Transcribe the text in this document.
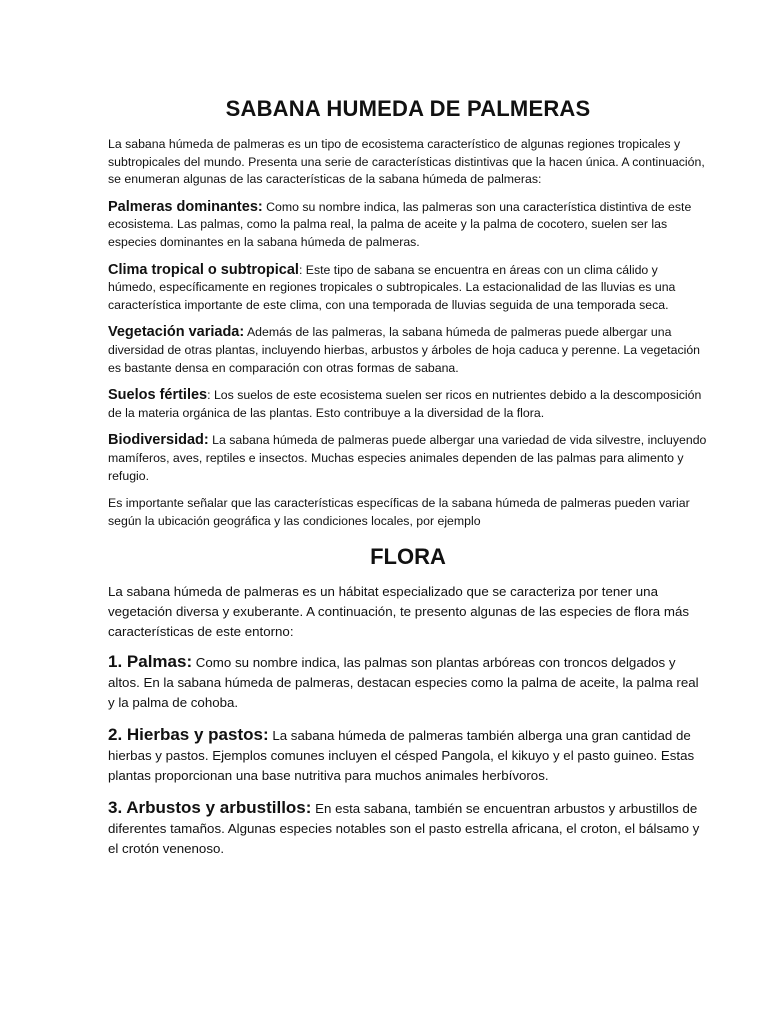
SABANA HUMEDA DE PALMERAS

La sabana húmeda de palmeras es un tipo de ecosistema característico de algunas regiones tropicales y subtropicales del mundo. Presenta una serie de características distintivas que la hacen única. A continuación, se enumeran algunas de las características de la sabana húmeda de palmeras:

Palmeras dominantes: Como su nombre indica, las palmeras son una característica distintiva de este ecosistema. Las palmas, como la palma real, la palma de aceite y la palma de cocotero, suelen ser las especies dominantes en la sabana húmeda de palmeras.

Clima tropical o subtropical: Este tipo de sabana se encuentra en áreas con un clima cálido y húmedo, específicamente en regiones tropicales o subtropicales. La estacionalidad de las lluvias es una característica importante de este clima, con una temporada de lluvias seguida de una temporada seca.

Vegetación variada: Además de las palmeras, la sabana húmeda de palmeras puede albergar una diversidad de otras plantas, incluyendo hierbas, arbustos y árboles de hoja caduca y perenne. La vegetación es bastante densa en comparación con otras formas de sabana.

Suelos fértiles: Los suelos de este ecosistema suelen ser ricos en nutrientes debido a la descomposición de la materia orgánica de las plantas. Esto contribuye a la diversidad de la flora.

Biodiversidad: La sabana húmeda de palmeras puede albergar una variedad de vida silvestre, incluyendo mamíferos, aves, reptiles e insectos. Muchas especies animales dependen de las palmas para alimento y refugio.

Es importante señalar que las características específicas de la sabana húmeda de palmeras pueden variar según la ubicación geográfica y las condiciones locales, por ejemplo

FLORA

La sabana húmeda de palmeras es un hábitat especializado que se caracteriza por tener una vegetación diversa y exuberante. A continuación, te presento algunas de las especies de flora más características de este entorno:

1. Palmas: Como su nombre indica, las palmas son plantas arbóreas con troncos delgados y altos. En la sabana húmeda de palmeras, destacan especies como la palma de aceite, la palma real y la palma de cohoba.

2. Hierbas y pastos: La sabana húmeda de palmeras también alberga una gran cantidad de hierbas y pastos. Ejemplos comunes incluyen el césped Pangola, el kikuyo y el pasto guineo. Estas plantas proporcionan una base nutritiva para muchos animales herbívoros.

3. Arbustos y arbustillos: En esta sabana, también se encuentran arbustos y arbustillos de diferentes tamaños. Algunas especies notables son el pasto estrella africana, el croton, el bálsamo y el crotón venenoso.
